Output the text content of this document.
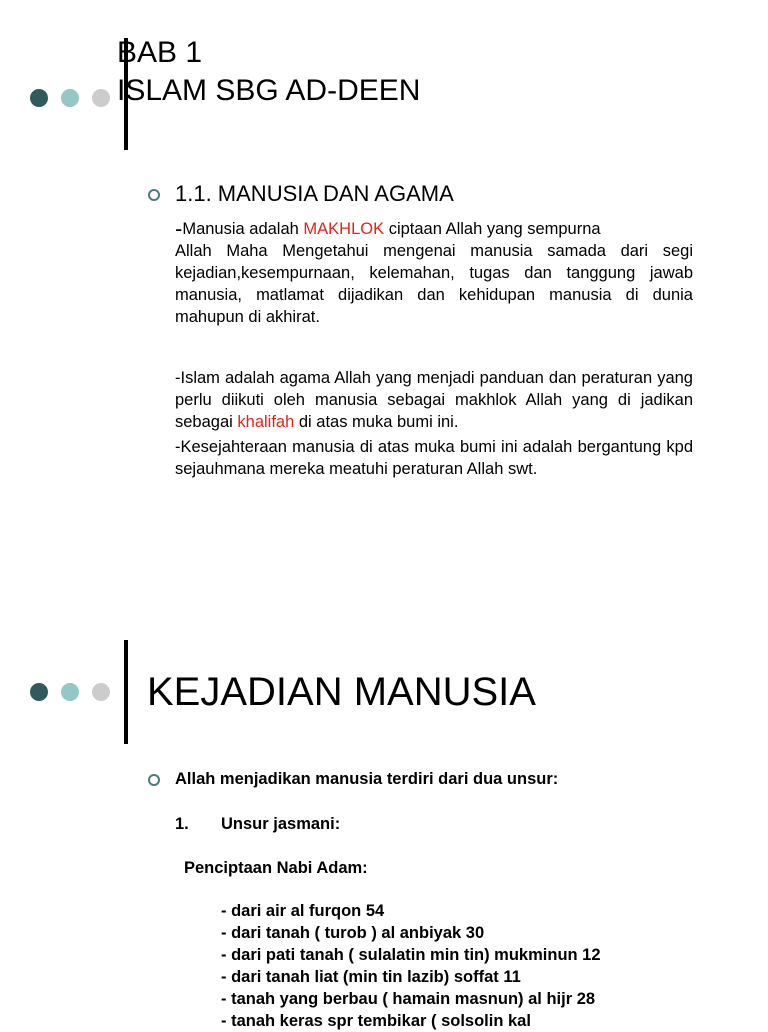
BAB 1
ISLAM SBG AD-DEEN
1.1. MANUSIA DAN AGAMA
-Manusia adalah MAKHLOK ciptaan Allah yang sempurna
Allah Maha Mengetahui mengenai manusia samada dari segi kejadian,kesempurnaan, kelemahan, tugas dan tanggung jawab manusia, matlamat dijadikan dan kehidupan manusia di dunia mahupun di akhirat.
-Islam adalah agama Allah yang menjadi panduan dan peraturan yang perlu diikuti oleh manusia sebagai makhlok Allah yang di jadikan sebagai khalifah di atas muka bumi ini.
-Kesejahteraan manusia di atas muka bumi ini adalah bergantung kpd sejauhmana mereka meatuhi peraturan Allah swt.
KEJADIAN MANUSIA
Allah menjadikan manusia terdiri dari dua unsur:
1. Unsur jasmani:
Penciptaan Nabi Adam:
- dari air al furqon 54
- dari tanah ( turob ) al anbiyak 30
- dari pati tanah ( sulalatin min tin) mukminun 12
- dari tanah liat (min tin lazib) soffat 11
- tanah yang berbau ( hamain masnun) al hijr 28
- tanah keras spr tembikar ( solsolin kal
